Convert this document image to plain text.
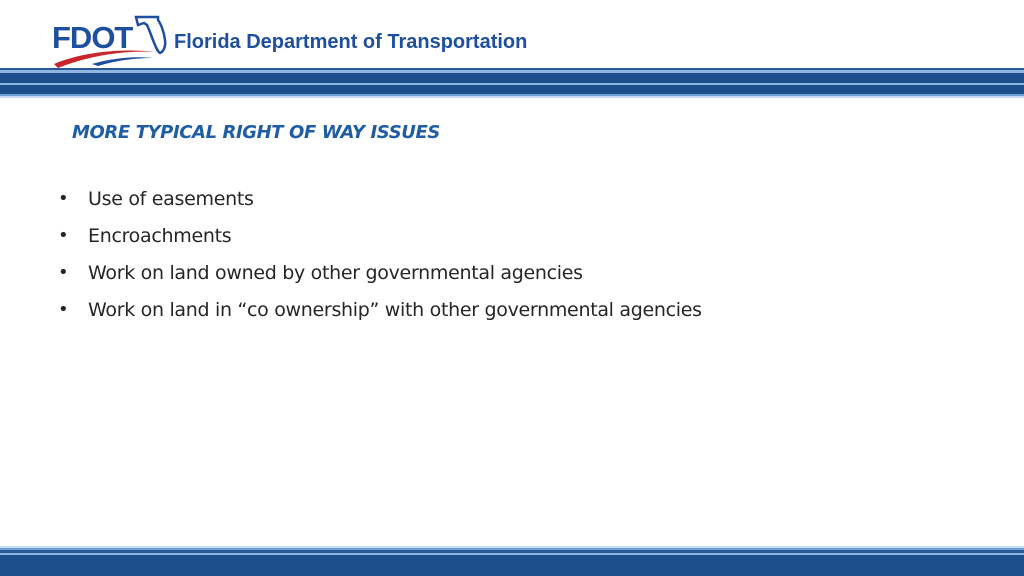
FDOT Florida Department of Transportation
MORE TYPICAL RIGHT OF WAY ISSUES
• Use of easements
• Encroachments
• Work on land owned by other governmental agencies
• Work on land in “co ownership” with other governmental agencies
